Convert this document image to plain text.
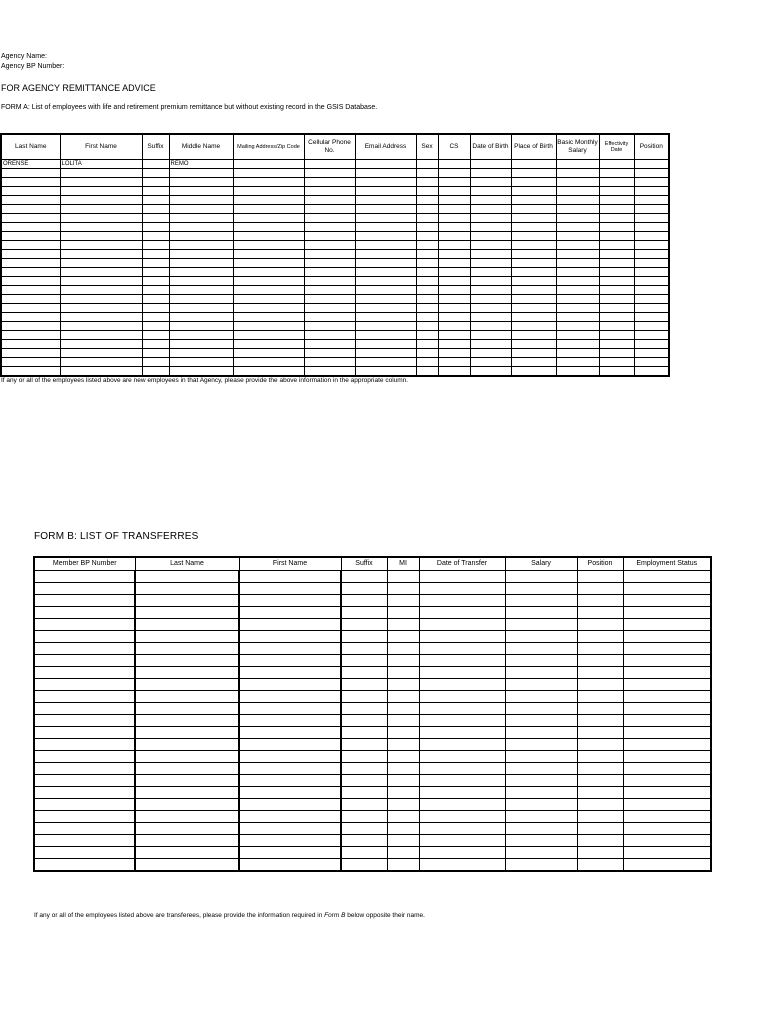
Agency Name:
Agency BP Number:
FOR AGENCY REMITTANCE ADVICE
FORM A: List of employees with life and retirement premium remittance but without existing record in the GSIS Database.
Last Name	First Name	Suffix	Middle Name	Mailing Address/Zip Code	Cellular Phone No.	Email Address	Sex	CS	Date of Birth	Place of Birth	Basic Monthly Salary	Effectivity Date	Position
ORENSE	LOLITA		REMO										

If any or all of the employees listed above are new employees in that Agency, please provide the above information in the appropriate column.
FORM B: LIST OF TRANSFERRES
Member BP Number	Last Name	First Name	Suffix	MI	Date of Transfer	Salary	Position	Employment Status

If any or all of the employees listed above are transferees, please provide the information required in Form B below opposite their name.
